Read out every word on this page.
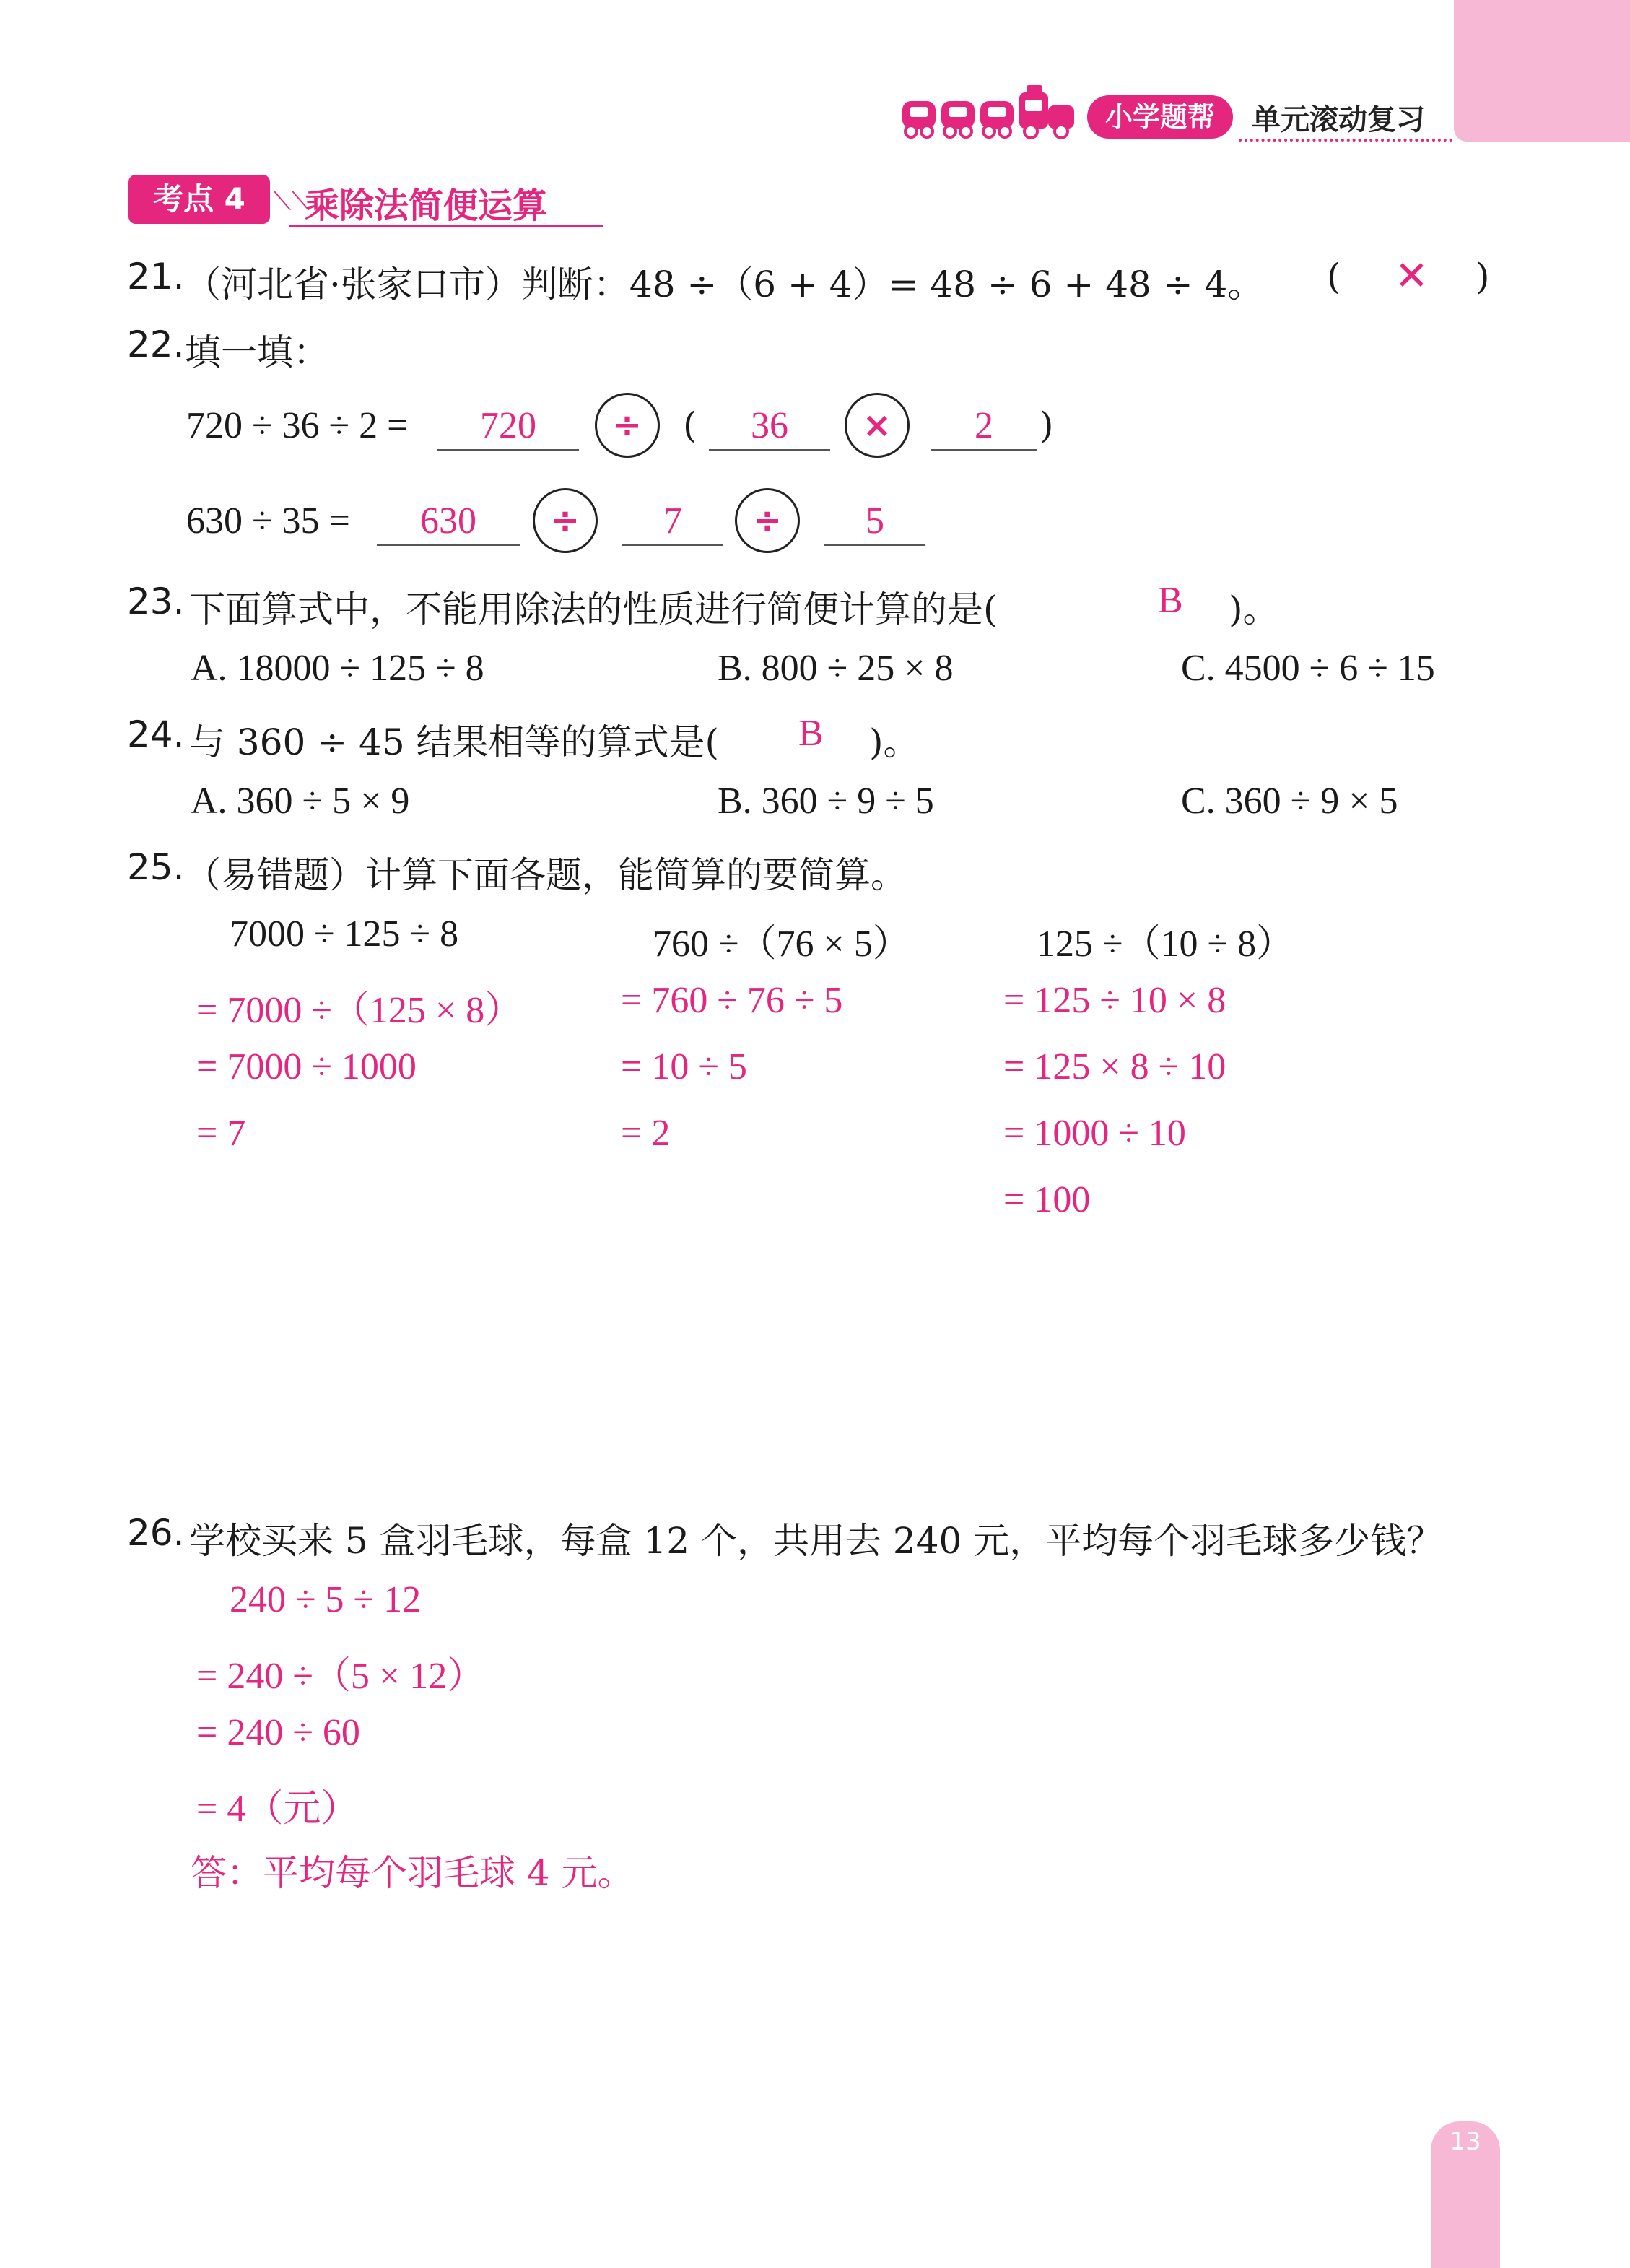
小学题帮	单元滚动复习
考点 4	⟍⟍
乘除法简便运算
21. （河北省·张家口市）判断：48 ÷（6 + 4）= 48 ÷ 6 + 48 ÷ 4。 ( ✕ )
22. 填一填：
720 ÷ 36 ÷ 2 =	720	÷	(	36	×	2	)
630 ÷ 35 =	630	÷	7	÷	5
23. 下面算式中，不能用除法的性质进行简便计算的是(	B )。
A. 18000 ÷ 125 ÷ 8	B. 800 ÷ 25 × 8	C. 4500 ÷ 6 ÷ 15
24. 与 360 ÷ 45 结果相等的算式是( B )。
A. 360 ÷ 5 × 9	B. 360 ÷ 9 ÷ 5	C. 360 ÷ 9 × 5
25. （易错题）计算下面各题，能简算的要简算。
7000 ÷ 125 ÷ 8
= 7000 ÷（125 × 8）
= 7000 ÷ 1000
= 7
760 ÷（76 × 5）
= 760 ÷ 76 ÷ 5
= 10 ÷ 5
= 2
125 ÷（10 ÷ 8）
= 125 ÷ 10 × 8
= 125 × 8 ÷ 10
= 1000 ÷ 10
= 100
26. 学校买来 5 盒羽毛球，每盒 12 个，共用去 240 元，平均每个羽毛球多少钱？
240 ÷ 5 ÷ 12
= 240 ÷（5 × 12）
= 240 ÷ 60
= 4（元）
答：平均每个羽毛球 4 元。
13
